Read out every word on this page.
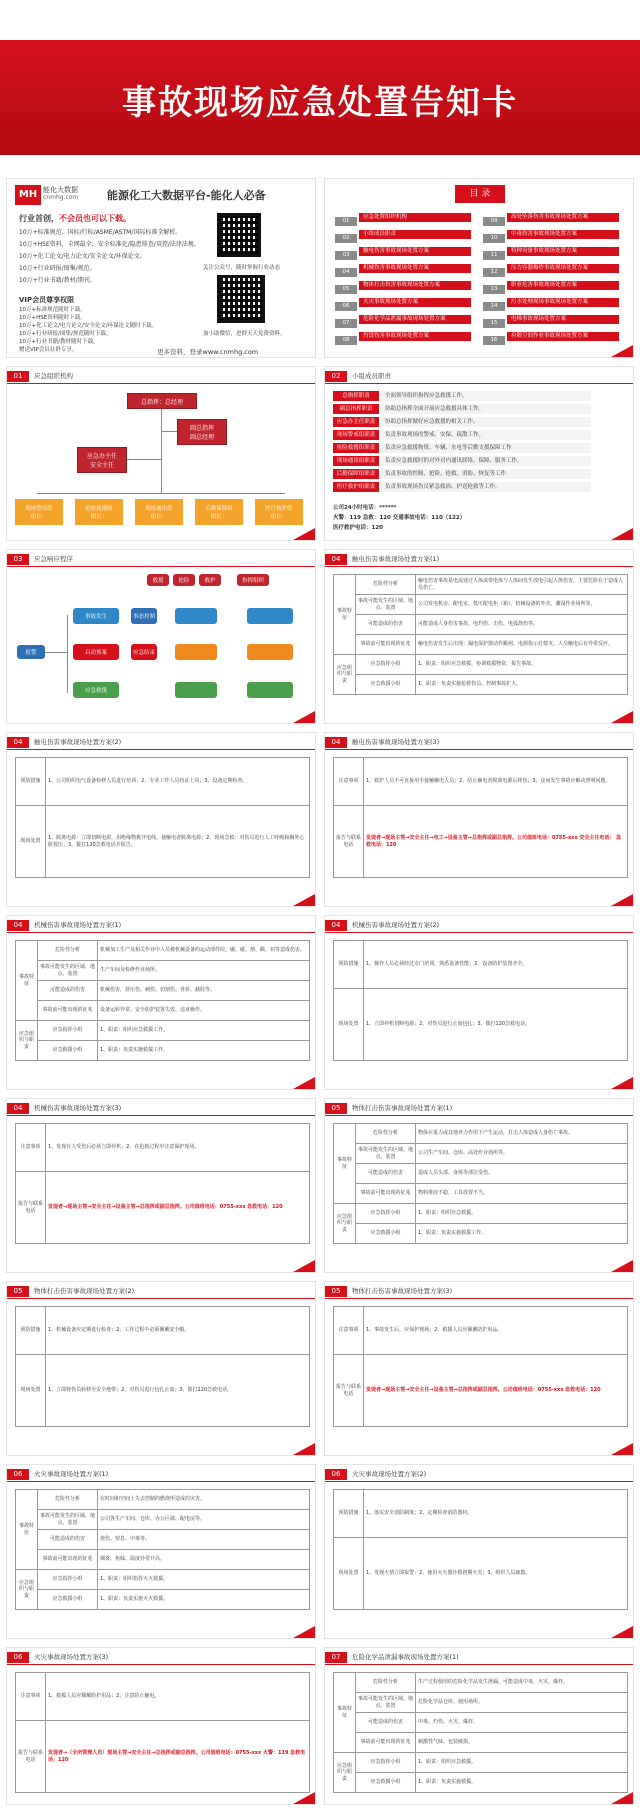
事故现场应急处置告知卡
MH 能化大数据
cnmhg.com	能源化工大数据平台-能化人必备
行业首创，不会员也可以下载。
10万+标准规范、国标/行标/ASME/ASTM/国际标准全解析。
10万+HSE资料，全网最全，安全标准化/隐患排查/双控/法律法规。
10万+化工论文/电力论文/安全论文/环保论文。
10万+行业研报/图集/规范。
10万+行业书籍/教材/期刊。
关注公众号，随时掌握行业动态
加小助微信，进群天天免费资料。
VIP会员尊享权限
10万+标准规范随时下载。
10万+HSE资料随时下载。
10万+化工论文/电力论文/安全论文/环保论文随时下载。
10万+行业研报/图集/规范随时下载。
10万+行业书籍/教材随时下载。
赠送VIP会员社群专享。	更多资料，登录www.cnmhg.com
目 录
01应急处置组织机构
02小组成员职责
03触电伤害事故现场处置方案
04机械伤害事故现场处置方案
05物体打击伤害事故现场处置方案
06火灾事故现场处置方案
07危险化学品泄漏事故现场处置方案
08灼烫伤害事故现场处置方案
09高处坠落伤害事故现场处置方案
10中毒伤害事故现场处置方案
11特种设备事故现场处置方案
12压力容器爆炸事故现场处置方案
13职业危害事故现场处置方案
14污水处理现场事故现场处置方案
15电梯事故现场处置方案
16有限空间作业事故现场处置方案
01	应急组织机构
总指挥：总经理
副总指挥
副总经理
应急办主任
安全主任
现场警戒组
组长：
抢险救援组
组长：
现场通讯组
组长：
后勤保障组
组长：
医疗救护组
组长：
02	小组成员职责
总指挥职责	全面领导组织指挥应急救援工作。
副总指挥职责	协助总指挥全面开展应急救援具体工作。
应急办主任职责	协助总指挥做好应急救援的相关工作。
现场警戒组职责	负责事故现场的警戒、安保、疏散工作。
抢险救援组职责	负责应急救援物资、车辆、水电等后勤支援保障工作
现场通讯组职责	负责应急救援时的对外对内通讯联络、保障、服务工作。
后勤保障组职责	负责事故的控制、抢险、抢救、消防、恢复等工作
医疗救护组职责	负责事故现场伤员紧急救治、护送抢救等工作。
公司24小时电话：******
火警：119 急救：120 交通事故电话：110（122）
医疗救护电话：120
03	应急响应程序
报警
事故发生
启动预案
应急救援
事态控制
应急结束
救援	抢险	救护	指挥组织
04	触电伤害事故现场处置方案(1)
事故特征	危险性分析	触电伤害事故是电流通过人体或带电体与人体间发生放电引起人体伤害，主要危险在于造成人员伤亡。
	事故可能发生的区域、地点、装置	公司发电机房、配电室、低压配电柜（箱）、机械设备的外壳、潮湿作业场所等。
	可能造成的伤害	可能造成人身伤害事故、电灼伤、击伤、电弧烧伤等。
	事故前可能出现的征兆	触电伤害发生后出现：漏电保护器动作跳闸、电源指示灯熄灭、人员触电后有异常反应。
应急组织与职责	应急指挥小组	1、职责：组织应急救援，协调救援物资，报告事故。
	应急救援小组	1、职责：负责实施抢救伤员、控制事故扩大。
04	触电伤害事故现场处置方案(2)
预防措施	1、公司组织电气设备检修人员进行培训；2、专业工作人员持证上岗；3、设备定期检查。
现场处置	1、脱离电源：立即切断电源，用绝缘物挑开电线，使触电者脱离电源；2、现场急救：对伤员进行人工呼吸和胸外心脏按压；3、拨打120急救电话并报告。
04	触电伤害事故现场处置方案(3)
注意事项	1、救护人员不可直接用手接触触电人员；2、防止触电者脱离电源后摔伤；3、夜间发生事故应解决照明问题。
报告与联系电话	发现者→现场主管→安全主任→电工→设备主管→总指挥或副总指挥。公司值班电话：0755-xxx 安全主任电话： 急救电话：120
04	机械伤害事故现场处置方案(1)
事故特征	危险性分析	机械加工生产及相关作业中人员被机械设备的运动部件绞、碾、碰、割、戳、切等造成伤害。
	事故可能发生的区域、地点、装置	生产车间及检修作业场所。
	可能造成的伤害	机械伤害，挤压伤、刺伤、切割伤、骨折、截肢等。
	事故前可能出现的征兆	设备运转异常、安全防护装置失效、违章操作。
应急组织与职责	应急指挥小组	1、职责：组织应急救援工作。
	应急救援小组	1、职责：负责实施救援工作。
04	机械伤害事故现场处置方案(2)
预防措施	1、操作人员必须经过专门培训，熟悉设备性能；2、设备防护装置齐全。
现场处置	1、立即停机切断电源；2、对伤员进行止血包扎；3、拨打120急救电话。
04	机械伤害事故现场处置方案(3)
注意事项	1、发现有人受伤后必须立即停机；2、在抢救过程中注意保护现场。
报告与联系电话	发现者→现场主管→安全主任→设备主管→总指挥或副总指挥。公司值班电话：0755-xxx 急救电话：120
05	物体打击伤害事故现场处置方案(1)
事故特征	危险性分析	物体在重力或其他外力作用下产生运动，打击人体造成人身伤亡事故。
	事故可能发生的区域、地点、装置	公司生产车间、仓库、高处作业场所等。
	可能造成的伤害	造成人员头部、身体等部位受伤。
	事故前可能出现的征兆	物料堆放不稳、工具放置不当。
应急组织与职责	应急指挥小组	1、职责：组织应急救援。
	应急救援小组	1、职责：负责实施救援工作。
05	物体打击伤害事故现场处置方案(2)
预防措施	1、机械设备应定期进行检查；2、工作过程中必须佩戴安全帽。
现场处置	1、立即将伤员转移至安全地带；2、对伤员进行包扎止血；3、拨打120急救电话。
05	物体打击伤害事故现场处置方案(3)
注意事项	1、事故发生后，应保护现场；2、救援人员应佩戴防护用品。
报告与联系电话	发现者→现场主管→安全主任→设备主管→总指挥或副总指挥。公司值班电话：0755-xxx 急救电话：120
06	火灾事故现场处置方案(1)
事故特征	危险性分析	在时间和空间上失去控制的燃烧所造成的灾害。
	事故可能发生的区域、地点、装置	公司各生产车间、仓库、办公区域、配电房等。
	可能造成的伤害	烧伤、窒息、中毒等。
	事故前可能出现的征兆	烟雾、焦味、温度异常升高。
应急组织与职责	应急指挥小组	1、职责：组织指挥灭火救援。
	应急救援小组	1、职责：负责实施灭火救援。
06	火灾事故现场处置方案(2)
预防措施	1、落实安全消防制度；2、定期检查消防器材。
现场处置	1、发现火情立即报警；2、使用灭火器扑救初期火灾；3、组织人员疏散。
06	火灾事故现场处置方案(3)
注意事项	1、救援人员应佩戴防护用品；2、注意防止触电。
报告与联系电话	发现者→（全所管理人员）现场主管→安全主任→总指挥或副总指挥。公司值班电话：0755-xxx 火警：119 急救电话：120
07	危险化学品泄漏事故现场处置方案(1)
事故特征	危险性分析	生产过程使用的危险化学品发生泄漏，可能造成中毒、火灾、爆炸。
	事故可能发生的区域、地点、装置	危险化学品仓库、使用场所。
	可能造成的伤害	中毒、灼伤、火灾、爆炸。
	事故前可能出现的征兆	刺激性气味、包装破损。
应急组织与职责	应急指挥小组	1、职责：组织应急救援。
	应急救援小组	1、职责：负责实施救援。
